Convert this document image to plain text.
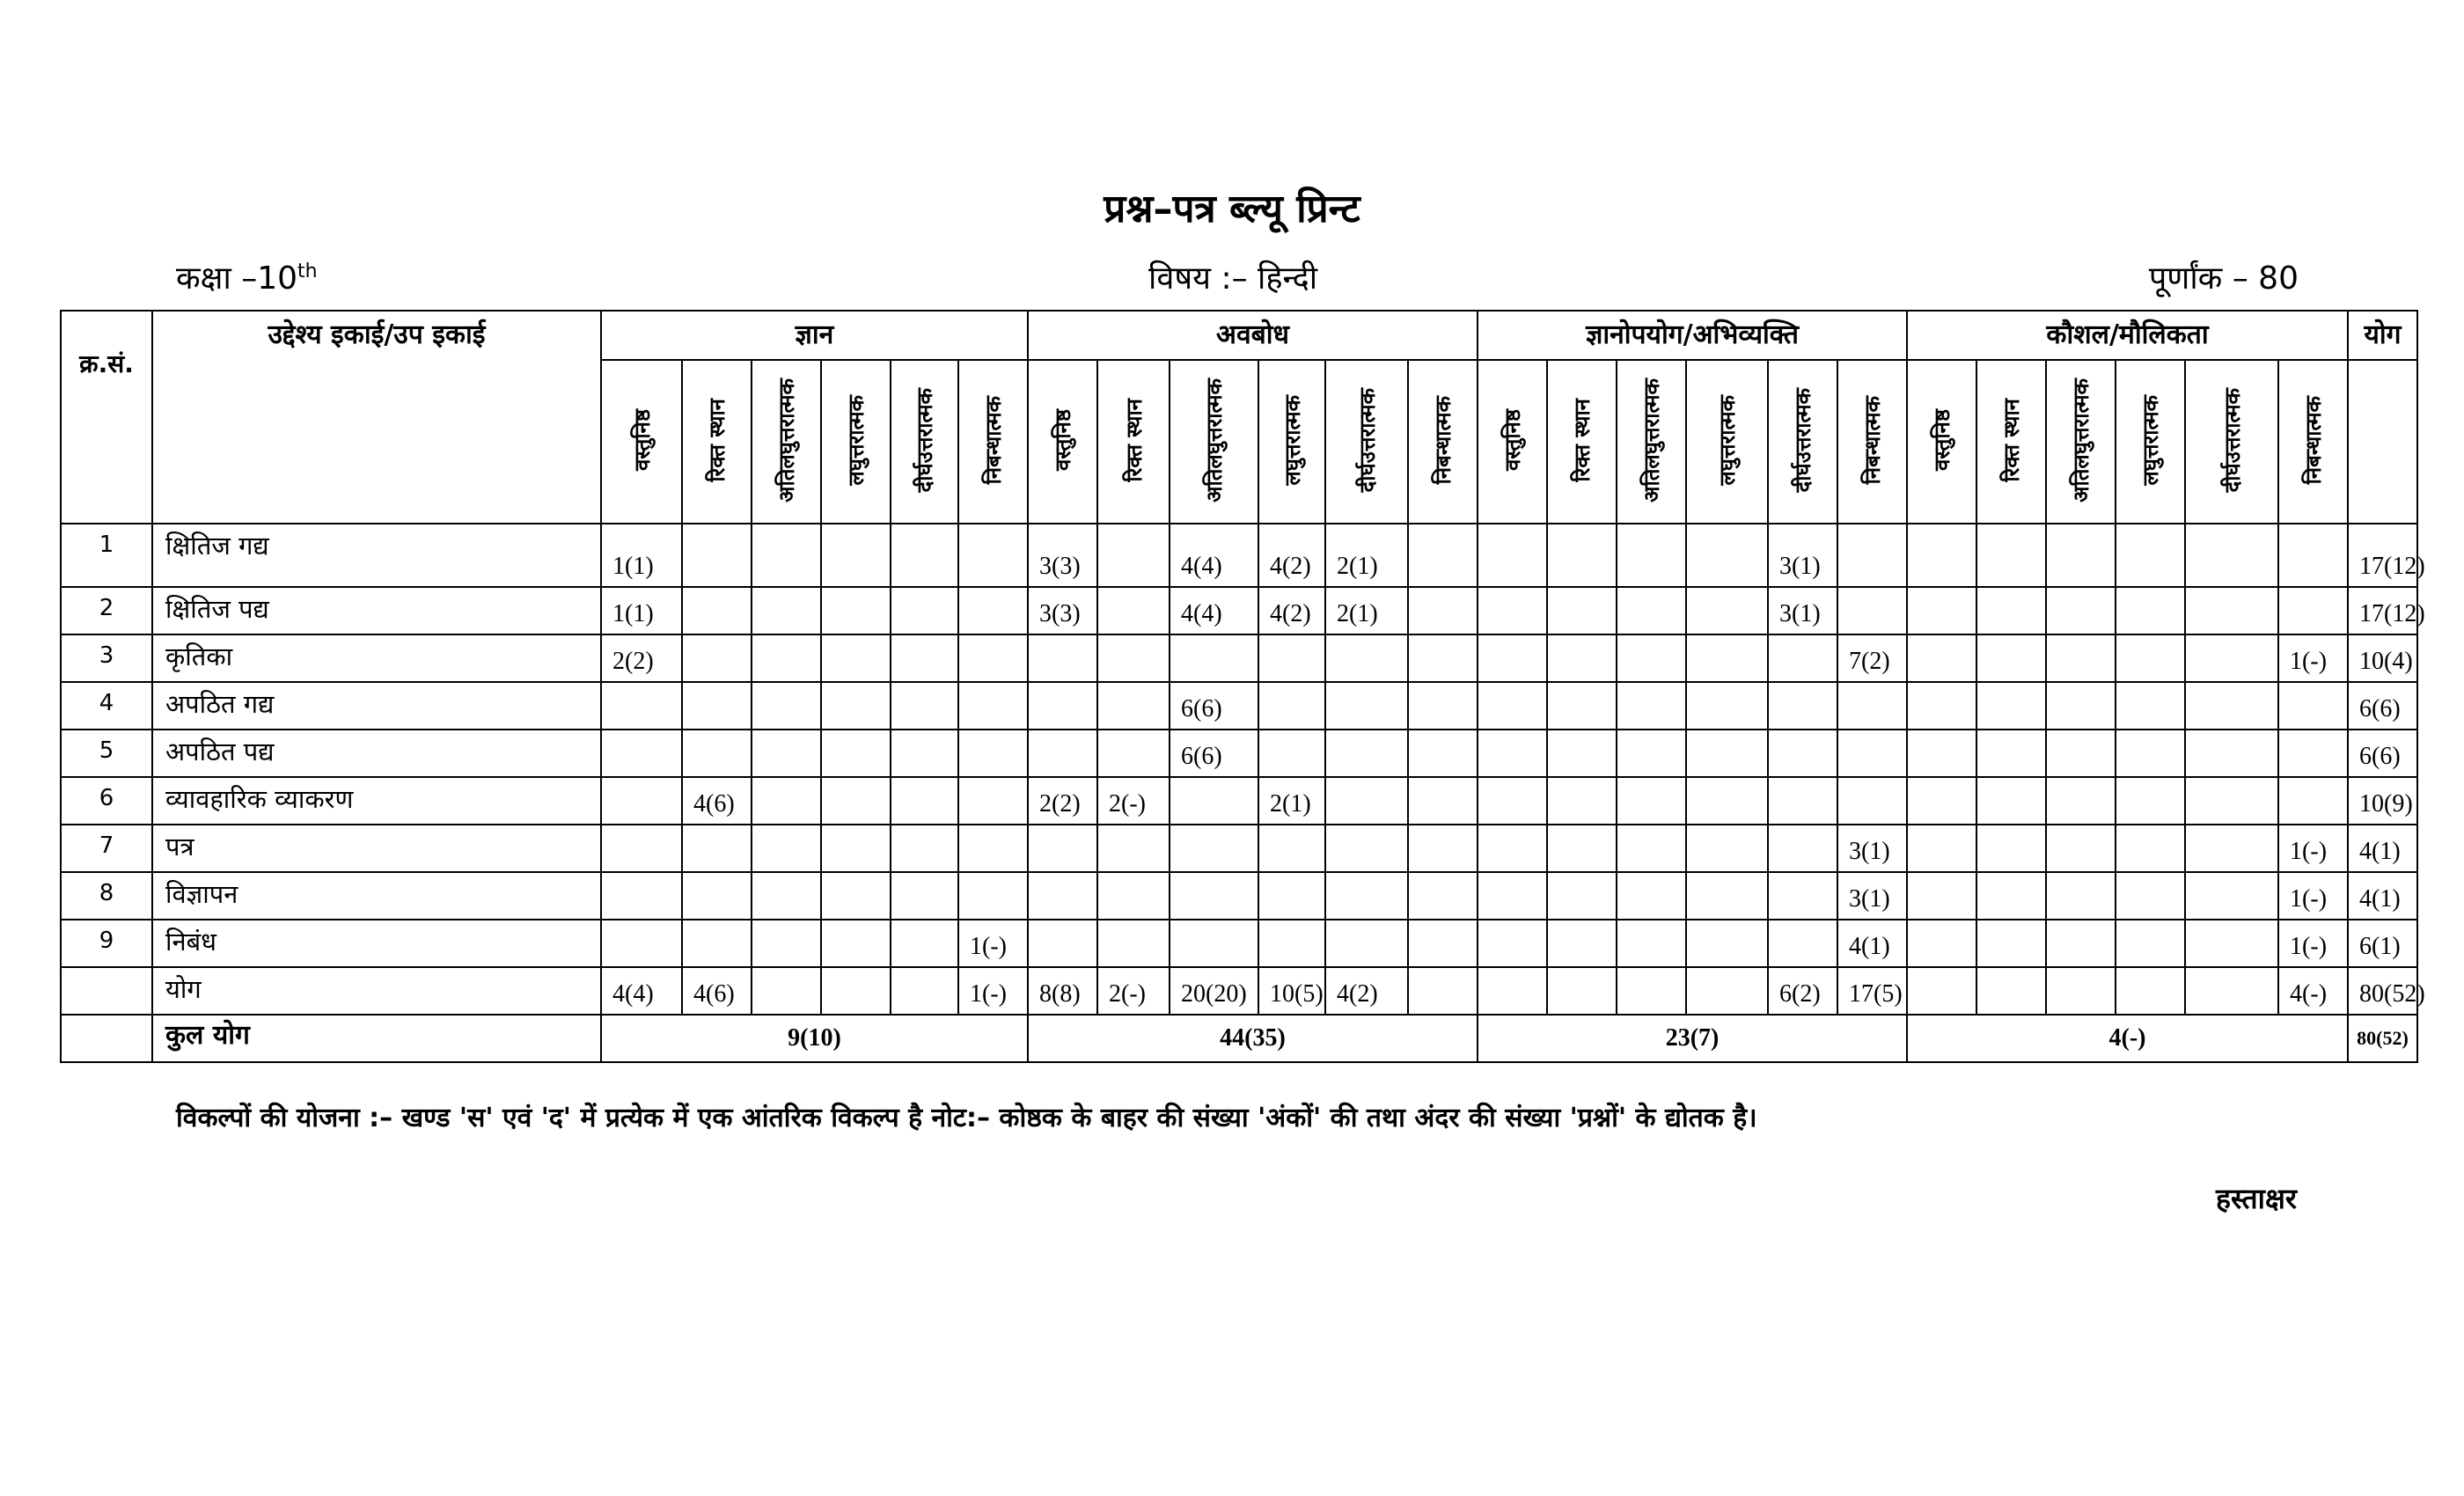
प्रश्न–पत्र ब्ल्यू प्रिन्ट
कक्षा –10th	विषय :– हिन्दी	पूर्णांक – 80
क्र.सं.	उद्देश्य इकाई/उप इकाई	ज्ञान						अवबोध						ज्ञानोपयोग/अभिव्यक्ति						कौशल/मौलिकता						योग
		वस्तुनिष्ठ	रिक्त स्थान	अतिलघुत्तरात्मक	लघुत्तरात्मक	दीर्घउत्तरात्मक	निबन्धात्मक	वस्तुनिष्ठ	रिक्त स्थान	अतिलघुत्तरात्मक	लघुत्तरात्मक	दीर्घउत्तरात्मक	निबन्धात्मक	वस्तुनिष्ठ	रिक्त स्थान	अतिलघुत्तरात्मक	लघुत्तरात्मक	दीर्घउत्तरात्मक	निबन्धात्मक	वस्तुनिष्ठ	रिक्त स्थान	अतिलघुत्तरात्मक	लघुत्तरात्मक	दीर्घउत्तरात्मक	निबन्धात्मक	
1	क्षितिज गद्य	1(1)						3(3)		4(4)	4(2)	2(1)						3(1)								17(12)
2	क्षितिज पद्य	1(1)						3(3)		4(4)	4(2)	2(1)						3(1)								17(12)
3	कृतिका	2(2)																	7(2)						1(-)	10(4)
4	अपठित गद्य									6(6)																6(6)
5	अपठित पद्य									6(6)																6(6)
6	व्यावहारिक व्याकरण		4(6)					2(2)	2(-)		2(1)															10(9)
7	पत्र																		3(1)						1(-)	4(1)
8	विज्ञापन																		3(1)						1(-)	4(1)
9	निबंध						1(-)												4(1)						1(-)	6(1)
	योग	4(4)	4(6)				1(-)	8(8)	2(-)	20(20)	10(5)	4(2)						6(2)	17(5)						4(-)	80(52)
	कुल योग	9(10)						44(35)						23(7)						4(-)						80(52)
विकल्पों की योजना :– खण्ड 'स' एवं 'द' में प्रत्येक में एक आंतरिक विकल्प है नोट:– कोष्ठक के बाहर की संख्या 'अंकों' की तथा अंदर की संख्या 'प्रश्नों' के द्योतक है।
हस्ताक्षर
